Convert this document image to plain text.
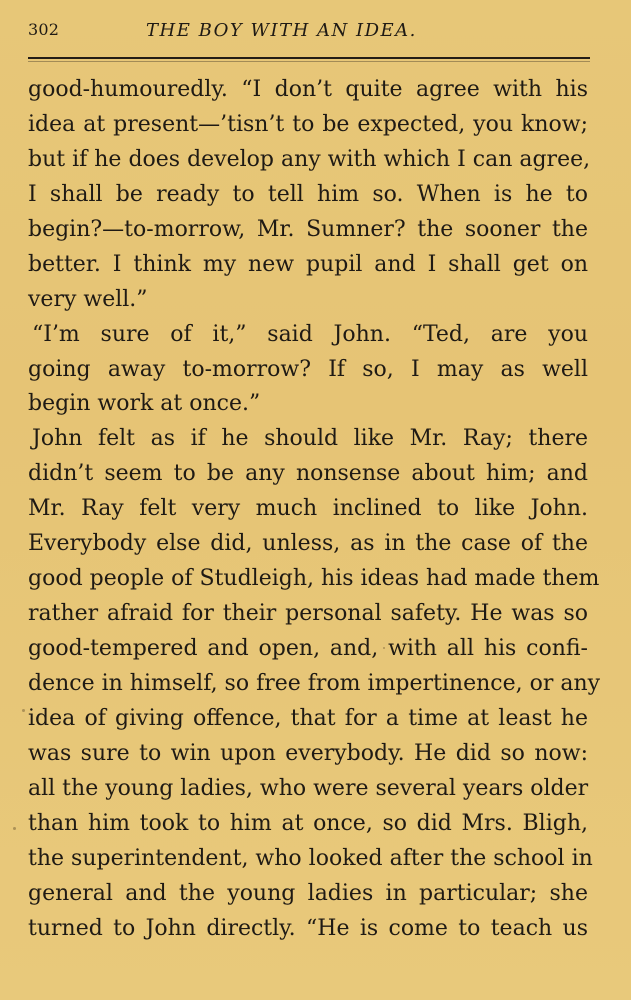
302	THE BOY WITH AN IDEA.
good-humouredly. “I don’t quite agree with his
idea at present—’tisn’t to be expected, you know;
but if he does develop any with which I can agree,
I shall be ready to tell him so. When is he to
begin?—to-morrow, Mr. Sumner? the sooner the
better. I think my new pupil and I shall get on
very well.”
“I’m sure of it,” said John. “Ted, are you
going away to-morrow? If so, I may as well
begin work at once.”
John felt as if he should like Mr. Ray; there
didn’t seem to be any nonsense about him; and
Mr. Ray felt very much inclined to like John.
Everybody else did, unless, as in the case of the
good people of Studleigh, his ideas had made them
rather afraid for their personal safety. He was so
good-tempered and open, and, with all his confi-
dence in himself, so free from impertinence, or any
idea of giving offence, that for a time at least he
was sure to win upon everybody. He did so now:
all the young ladies, who were several years older
than him took to him at once, so did Mrs. Bligh,
the superintendent, who looked after the school in
general and the young ladies in particular; she
turned to John directly. “He is come to teach us
